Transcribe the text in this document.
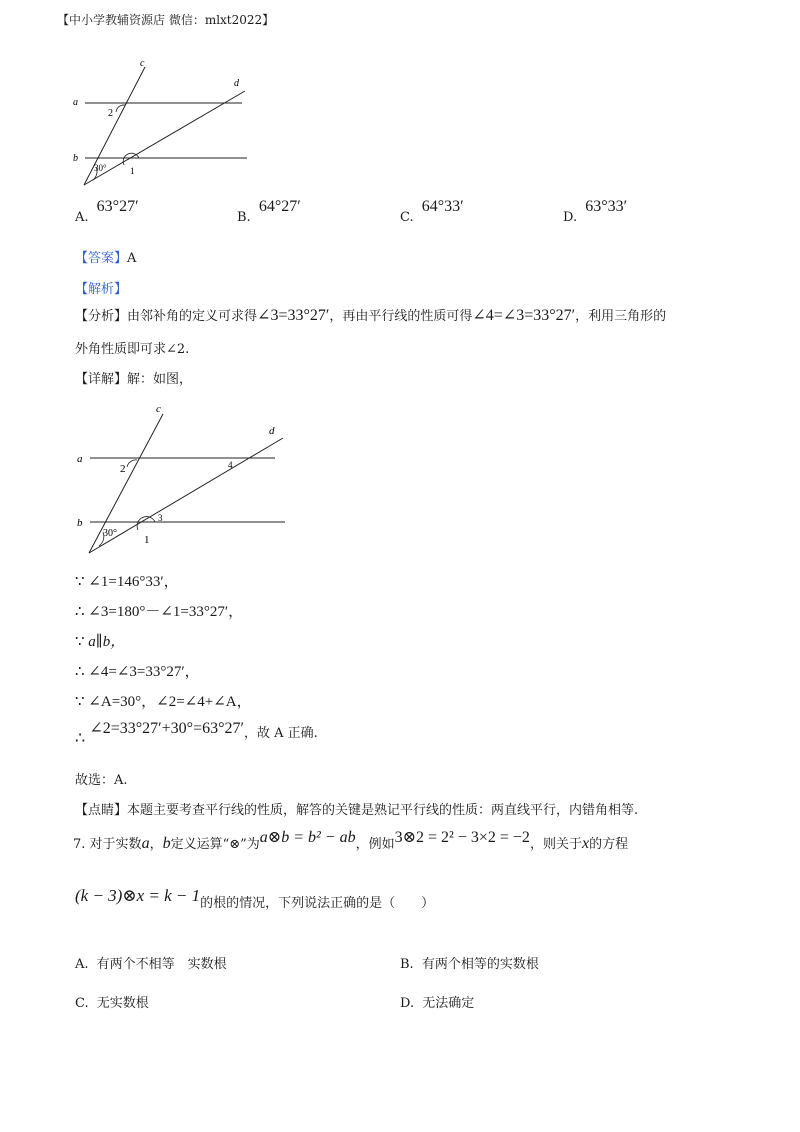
【中小学教辅资源店 微信：mlxt2022】
a
b
c
d
2
30°	1
A. 63°27′
B. 64°27′
C. 64°33′
D. 63°33′
【答案】A
【解析】
【分析】由邻补角的定义可求得∠3=33°27′，再由平行线的性质可得∠4=∠3=33°27′，利用三角形的
外角性质即可求∠2.
【详解】解：如图，
a
b
c
d
2	4
30°
3
1
∵ ∠1=146°33′，
∴ ∠3=180°－∠1=33°27′，
∵ a∥b，
∴ ∠4=∠3=33°27′，
∵ ∠A=30°，∠2=∠4+∠A，
∴ ∠2=33°27′+30°=63°27′，故 A 正确.
故选：A.
【点睛】本题主要考查平行线的性质，解答的关键是熟记平行线的性质：两直线平行，内错角相等.
7. 对于实数a，b定义运算“⊗”为a⊗b = b² − ab，例如3⊗2 = 2² − 3×2 = −2，则关于x的方程
(k − 3)⊗x = k − 1的根的情况，下列说法正确的是（　　）
A. 有两个不相等　实数根	B. 有两个相等的实数根
C. 无实数根	D. 无法确定
